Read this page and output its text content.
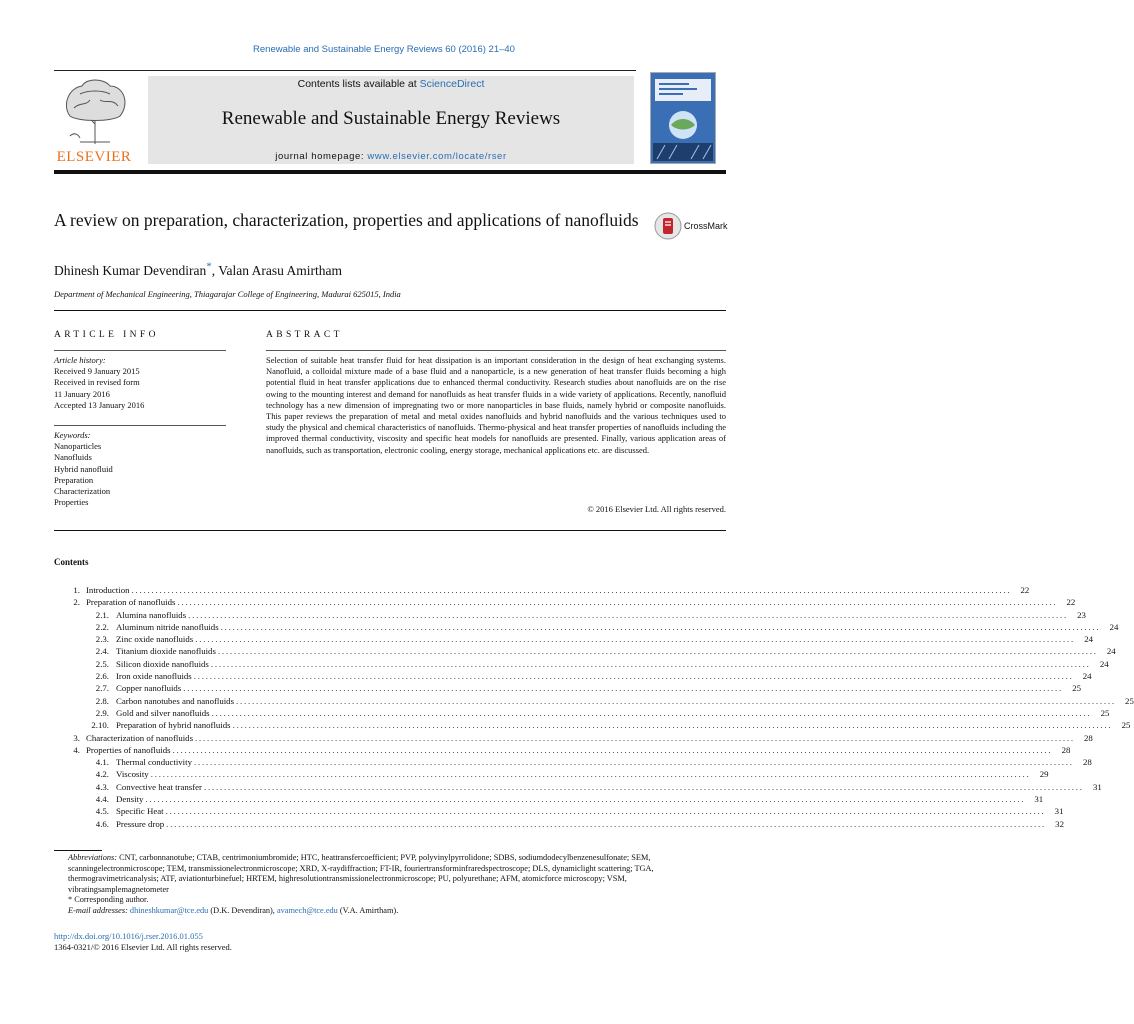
Renewable and Sustainable Energy Reviews 60 (2016) 21–40
ELSEVIER
Contents lists available at ScienceDirect
Renewable and Sustainable Energy Reviews
journal homepage: www.elsevier.com/locate/rser
A review on preparation, characterization, properties and applications of nanofluids	CrossMark
Dhinesh Kumar Devendiran*, Valan Arasu Amirtham
Department of Mechanical Engineering, Thiagarajar College of Engineering, Madurai 625015, India
ARTICLE INFO	ABSTRACT
Article history:
Received 9 January 2015
Received in revised form
11 January 2016
Accepted 13 January 2016
Keywords:
Nanoparticles
Nanofluids
Hybrid nanofluid
Preparation
Characterization
Properties

Selection of suitable heat transfer fluid for heat dissipation is an important consideration in the design of heat exchanging systems. Nanofluid, a colloidal mixture made of a base fluid and a nanoparticle, is a new generation of heat transfer fluids becoming a high potential fluid in heat transfer applications due to enhanced thermal conductivity. Research studies about nanofluids are on the rise owing to the mounting interest and demand for nanofluids as heat transfer fluids in a wide variety of applications. Recently, nanofluid technology has a new dimension of impregnating two or more nanoparticles in base fluids, namely hybrid or composite nanofluids. This paper reviews the preparation of metal and metal oxides nanofluids and hybrid nanofluids and the various techniques used to study the physical and chemical characteristics of nanofluids. Thermo-physical and heat transfer properties of nanofluids including the improved thermal conductivity, viscosity and specific heat models for nanofluids are presented. Finally, various application areas of nanofluids, such as transportation, electronic cooling, energy storage, mechanical applications etc. are discussed.

© 2016 Elsevier Ltd. All rights reserved.
Contents
1. Introduction ............................................................................................................................................................................................................................	22
2. Preparation of nanofluids ............................................................................................................................................................................................................................	22
2.1. Alumina nanofluids ............................................................................................................................................................................................................................	23
2.2. Aluminum nitride nanofluids ............................................................................................................................................................................................................................	24
2.3. Zinc oxide nanofluids ............................................................................................................................................................................................................................	24
2.4. Titanium dioxide nanofluids ............................................................................................................................................................................................................................	24
2.5. Silicon dioxide nanofluids ............................................................................................................................................................................................................................	24
2.6. Iron oxide nanofluids ............................................................................................................................................................................................................................	24
2.7. Copper nanofluids ............................................................................................................................................................................................................................	25
2.8. Carbon nanotubes and nanofluids ............................................................................................................................................................................................................................	25
2.9. Gold and silver nanofluids ............................................................................................................................................................................................................................	25
2.10. Preparation of hybrid nanofluids ............................................................................................................................................................................................................................	25
3. Characterization of nanofluids ............................................................................................................................................................................................................................	28
4. Properties of nanofluids ............................................................................................................................................................................................................................	28
4.1. Thermal conductivity ............................................................................................................................................................................................................................	28
4.2. Viscosity ............................................................................................................................................................................................................................	29
4.3. Convective heat transfer ............................................................................................................................................................................................................................	31
4.4. Density ............................................................................................................................................................................................................................	31
4.5. Specific Heat ............................................................................................................................................................................................................................	31
4.6. Pressure drop ............................................................................................................................................................................................................................	32
Abbreviations: CNT, carbonnanotube; CTAB, centrimoniumbromide; HTC, heattransfercoefficient; PVP, polyvinylpyrrolidone; SDBS, sodiumdodecylbenzenesulfonate; SEM, scanningelectronmicroscope; TEM, transmissionelectronmicroscope; XRD, X-raydiffraction; FT-IR, fouriertransforminfraredspectroscope; DLS, dynamiclight scattering; TGA, thermogravimetricanalysis; ATF, aviationturbinefuel; HRTEM, highresolutiontransmissionelectronmicroscope; PU, polyurethane; AFM, atomicforce microscopy; VSM, vibratingsamplemagnetometer
* Corresponding author.
E-mail addresses: dhineshkumar@tce.edu (D.K. Devendiran), avamech@tce.edu (V.A. Amirtham).
http://dx.doi.org/10.1016/j.rser.2016.01.055
1364-0321/© 2016 Elsevier Ltd. All rights reserved.
